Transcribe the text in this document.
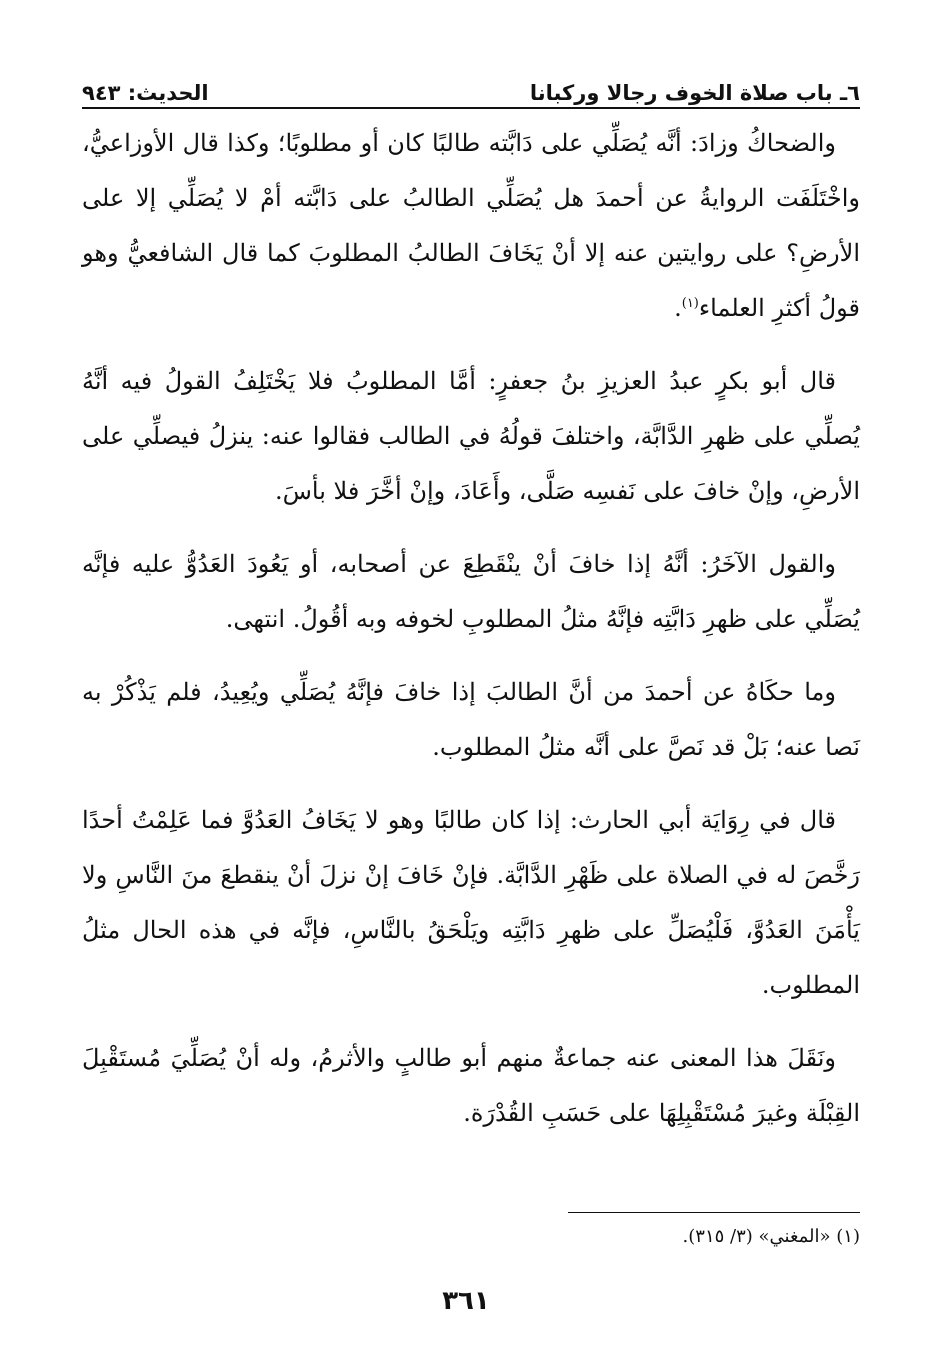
٦ـ باب صلاة الخوف رجالا وركبانا
الحديث: ٩٤٣

والضحاكُ وزادَ: أنَّه يُصَلِّي على دَابَّته طالبًا كان أو مطلوبًا؛ وكذا قال الأوزاعيُّ، واخْتَلَفَت الروايةُ عن أحمدَ هل يُصَلِّي الطالبُ على دَابَّته أمْ لا يُصَلِّي إلا على الأرضِ؟ على روايتين عنه إلا أنْ يَخَافَ الطالبُ المطلوبَ كما قال الشافعيُّ وهو قولُ أكثرِ العلماء$^{(١)}$.

قال أبو بكرٍ عبدُ العزيزِ بنُ جعفرٍ: أمَّا المطلوبُ فلا يَخْتَلِفُ القولُ فيه أنَّهُ يُصلِّي على ظهرِ الدَّابَّة، واختلفَ قولُهُ في الطالب فقالوا عنه: ينزلُ فيصلِّي على الأرضِ، وإنْ خافَ على نَفسِه صَلَّى، وأَعَادَ، وإنْ أخَّرَ فلا بأسَ.

والقول الآخَرُ: أنَّهُ إذا خافَ أنْ ينْقَطِعَ عن أصحابه، أو يَعُودَ العَدُوُّ عليه فإنَّه يُصَلِّي على ظهرِ دَابَّتِه فإنَّهُ مثلُ المطلوبِ لخوفه وبه أقُولُ. انتهى.

وما حكَاهُ عن أحمدَ من أنَّ الطالبَ إذا خافَ فإنَّهُ يُصَلِّي ويُعِيدُ، فلم يَذْكُرْ به نَصا عنه؛ بَلْ قد نَصَّ على أنَّه مثلُ المطلوب.

قال في رِوَايَة أبي الحارث: إذا كان طالبًا وهو لا يَخَافُ العَدُوَّ فما عَلِمْتُ أحدًا رَخَّصَ له في الصلاة على ظَهْرِ الدَّابَّة. فإنْ خَافَ إنْ نزلَ أنْ ينقطعَ منَ النَّاسِ ولا يَأْمَنَ العَدُوَّ، فَلْيُصَلِّ على ظهرِ دَابَّتِه ويَلْحَقُ بالنَّاسِ، فإنَّه في هذه الحال مثلُ المطلوب.

ونَقَلَ هذا المعنى عنه جماعةٌ منهم أبو طالبٍ والأثرمُ، وله أنْ يُصَلِّيَ مُستَقْبِلَ القِبْلَة وغيرَ مُسْتَقْبِلِهَا على حَسَبِ القُدْرَة.

(١) «المغني» (٣/ ٣١٥).
٣٦١
